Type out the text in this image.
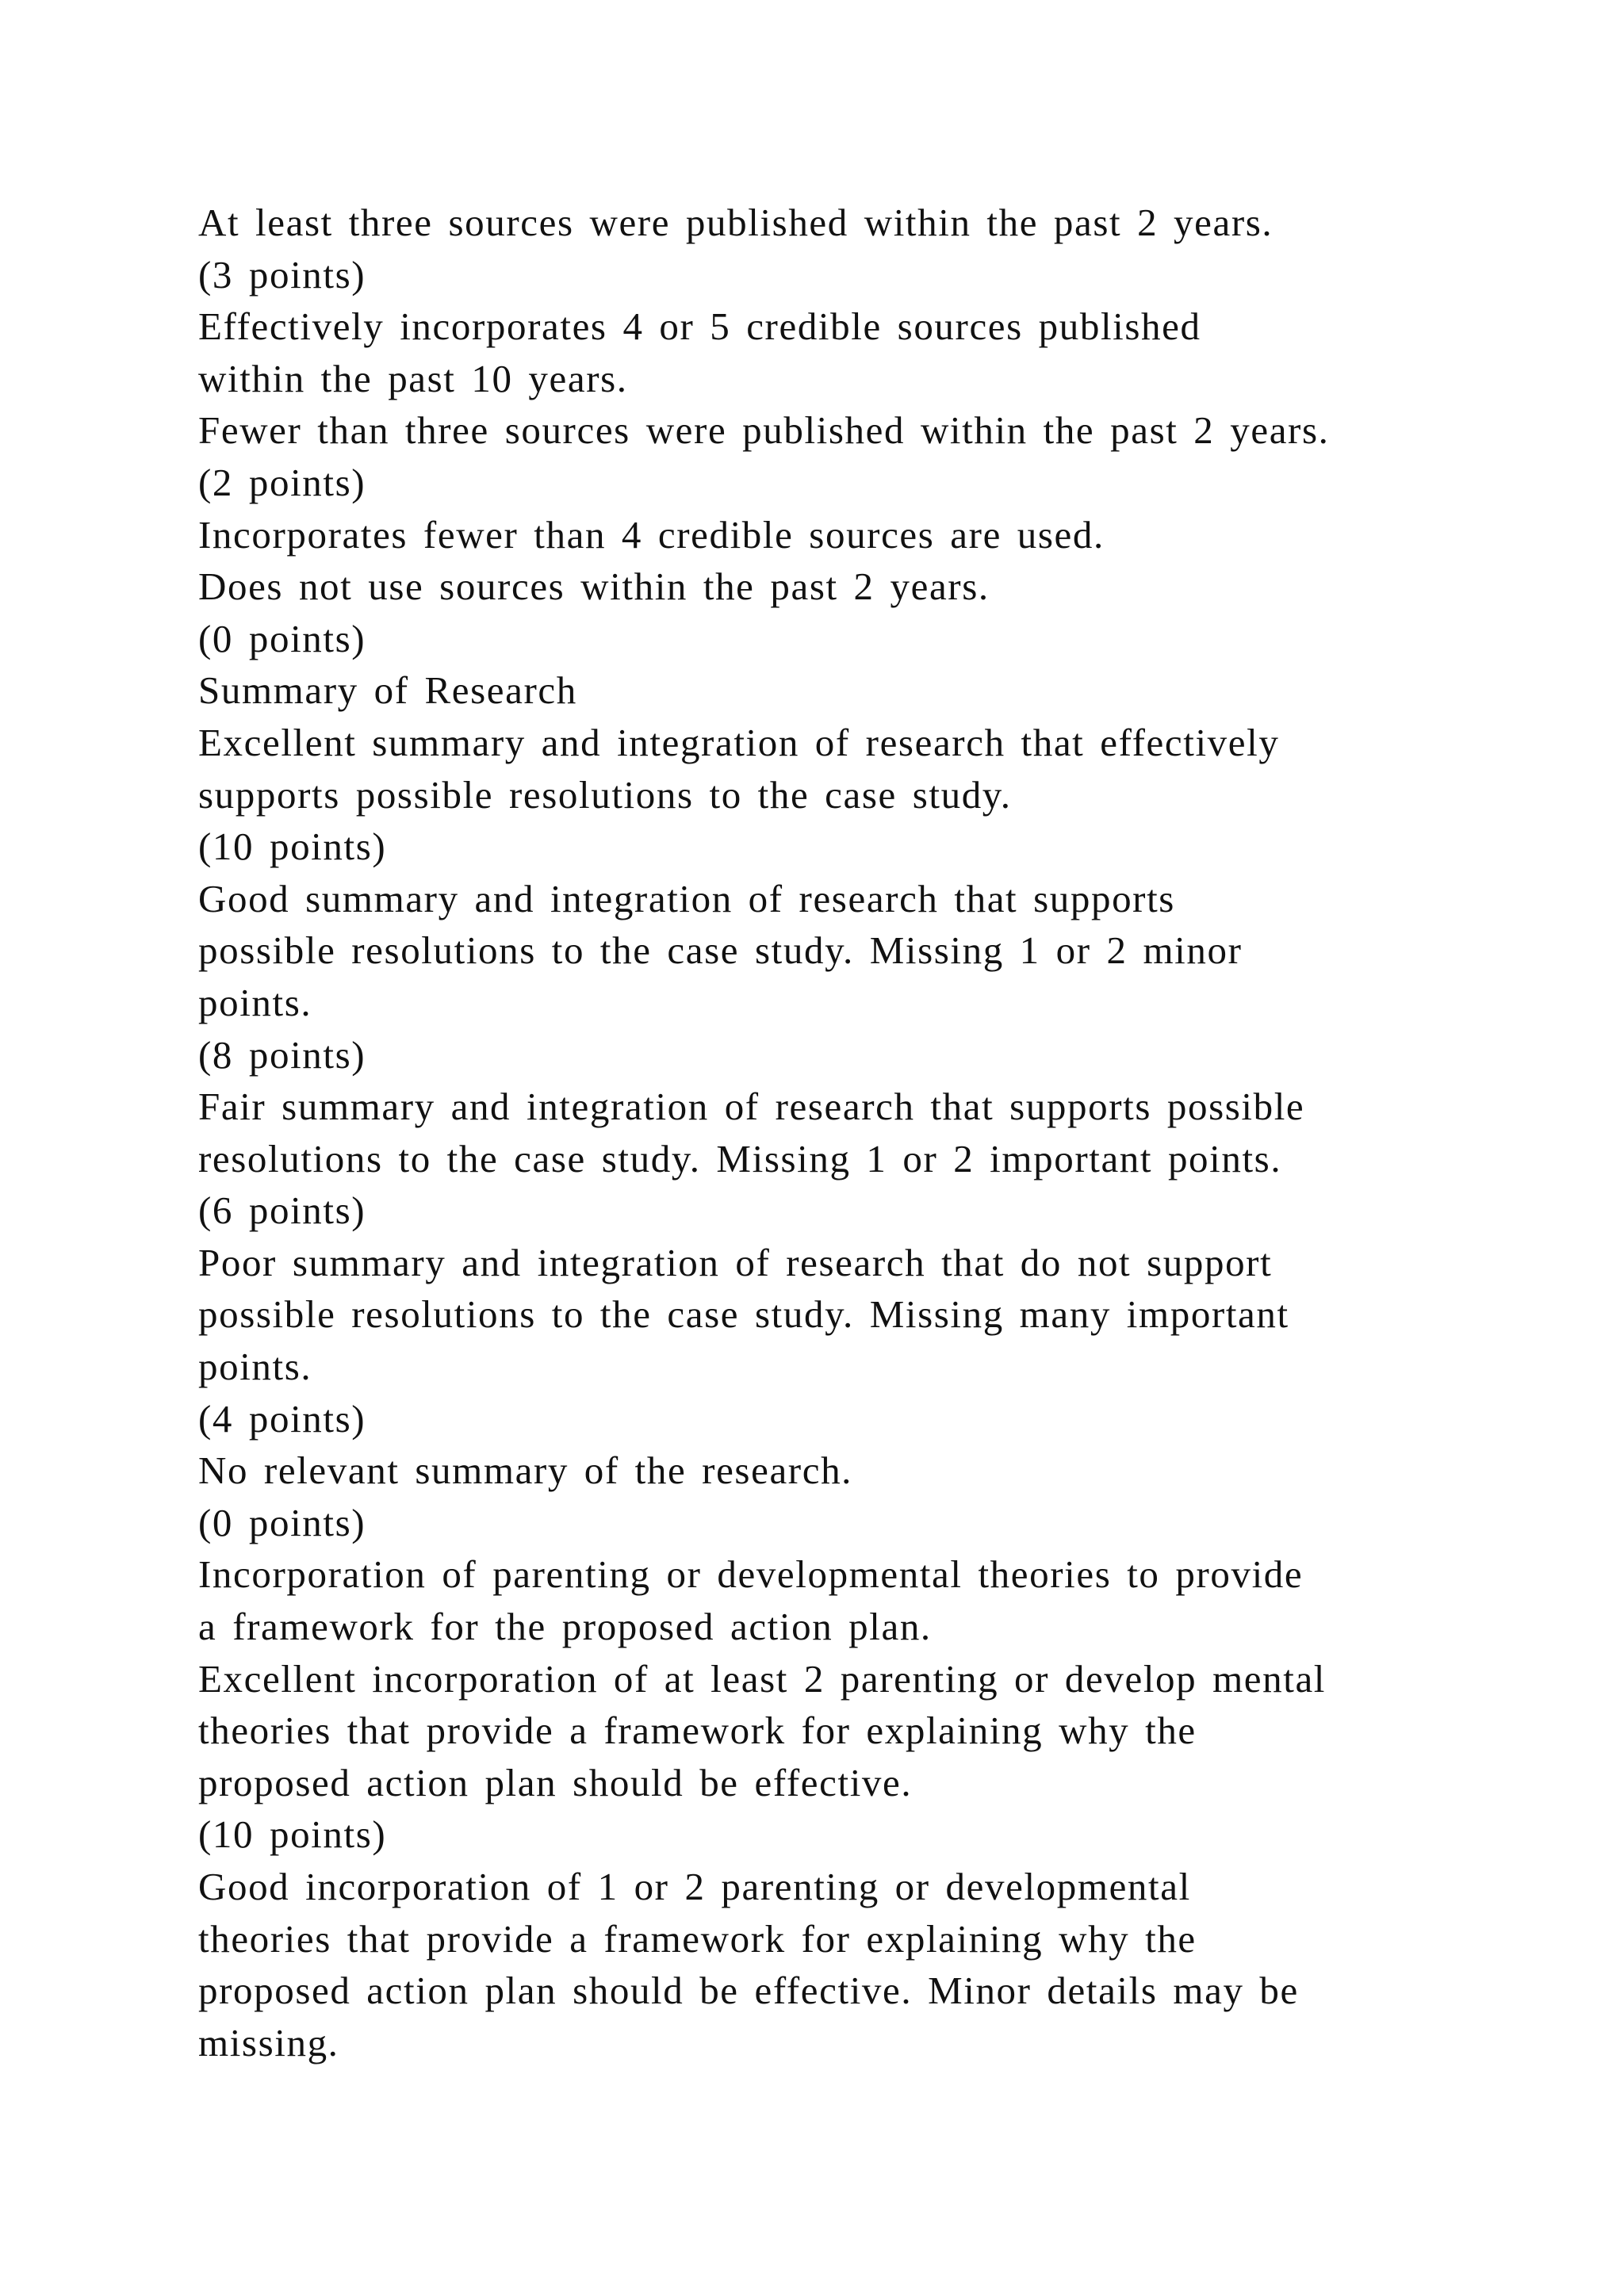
At least three sources were published within the past 2 years.
(3 points)
Effectively incorporates 4 or 5 credible sources published
within the past 10 years.
Fewer than three sources were published within the past 2 years.
(2 points)
Incorporates fewer than 4 credible sources are used.
Does not use sources within the past 2 years.
(0 points)
Summary of Research
Excellent summary and integration of research that effectively
supports possible resolutions to the case study.
(10 points)
Good summary and integration of research that supports
possible resolutions to the case study. Missing 1 or 2 minor
points.
(8 points)
Fair summary and integration of research that supports possible
resolutions to the case study. Missing 1 or 2 important points.
(6 points)
Poor summary and integration of research that do not support
possible resolutions to the case study. Missing many important
points.
(4 points)
No relevant summary of the research.
(0 points)
Incorporation of parenting or developmental theories to provide
a framework for the proposed action plan.
Excellent incorporation of at least 2 parenting or develop mental
theories that provide a framework for explaining why the
proposed action plan should be effective.
(10 points)
Good incorporation of 1 or 2 parenting or developmental
theories that provide a framework for explaining why the
proposed action plan should be effective. Minor details may be
missing.
